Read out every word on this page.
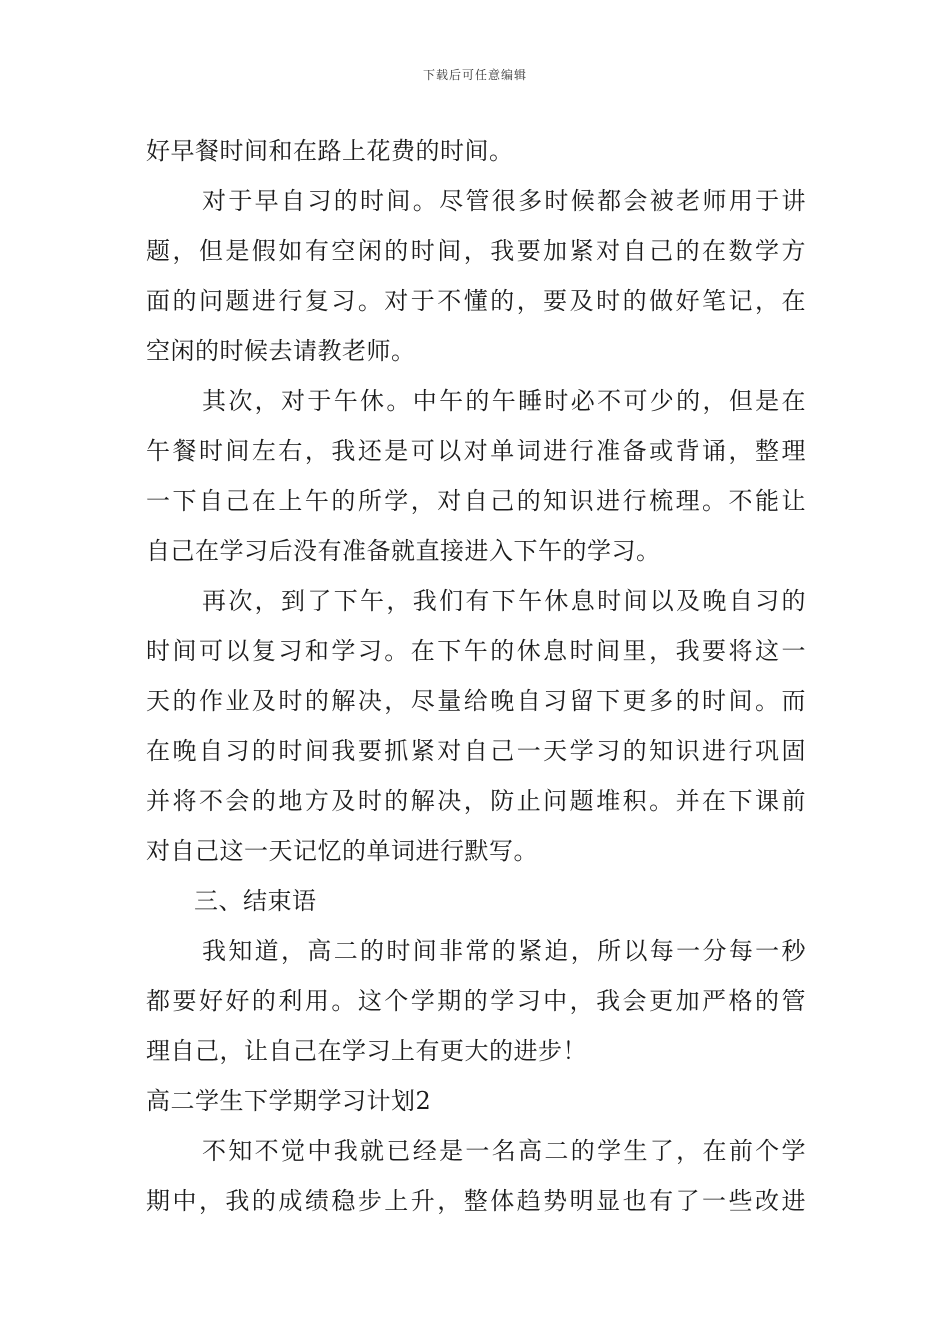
下载后可任意编辑
好早餐时间和在路上花费的时间。
对于早自习的时间。尽管很多时候都会被老师用于讲
题，但是假如有空闲的时间，我要加紧对自己的在数学方
面的问题进行复习。对于不懂的，要及时的做好笔记，在
空闲的时候去请教老师。
其次，对于午休。中午的午睡时必不可少的，但是在
午餐时间左右，我还是可以对单词进行准备或背诵，整理
一下自己在上午的所学，对自己的知识进行梳理。不能让
自己在学习后没有准备就直接进入下午的学习。
再次，到了下午，我们有下午休息时间以及晚自习的
时间可以复习和学习。在下午的休息时间里，我要将这一
天的作业及时的解决，尽量给晚自习留下更多的时间。而
在晚自习的时间我要抓紧对自己一天学习的知识进行巩固
并将不会的地方及时的解决，防止问题堆积。并在下课前
对自己这一天记忆的单词进行默写。
三、结束语
我知道，高二的时间非常的紧迫，所以每一分每一秒
都要好好的利用。这个学期的学习中，我会更加严格的管
理自己，让自己在学习上有更大的进步！
高二学生下学期学习计划2
不知不觉中我就已经是一名高二的学生了，在前个学
期中，我的成绩稳步上升，整体趋势明显也有了一些改进
